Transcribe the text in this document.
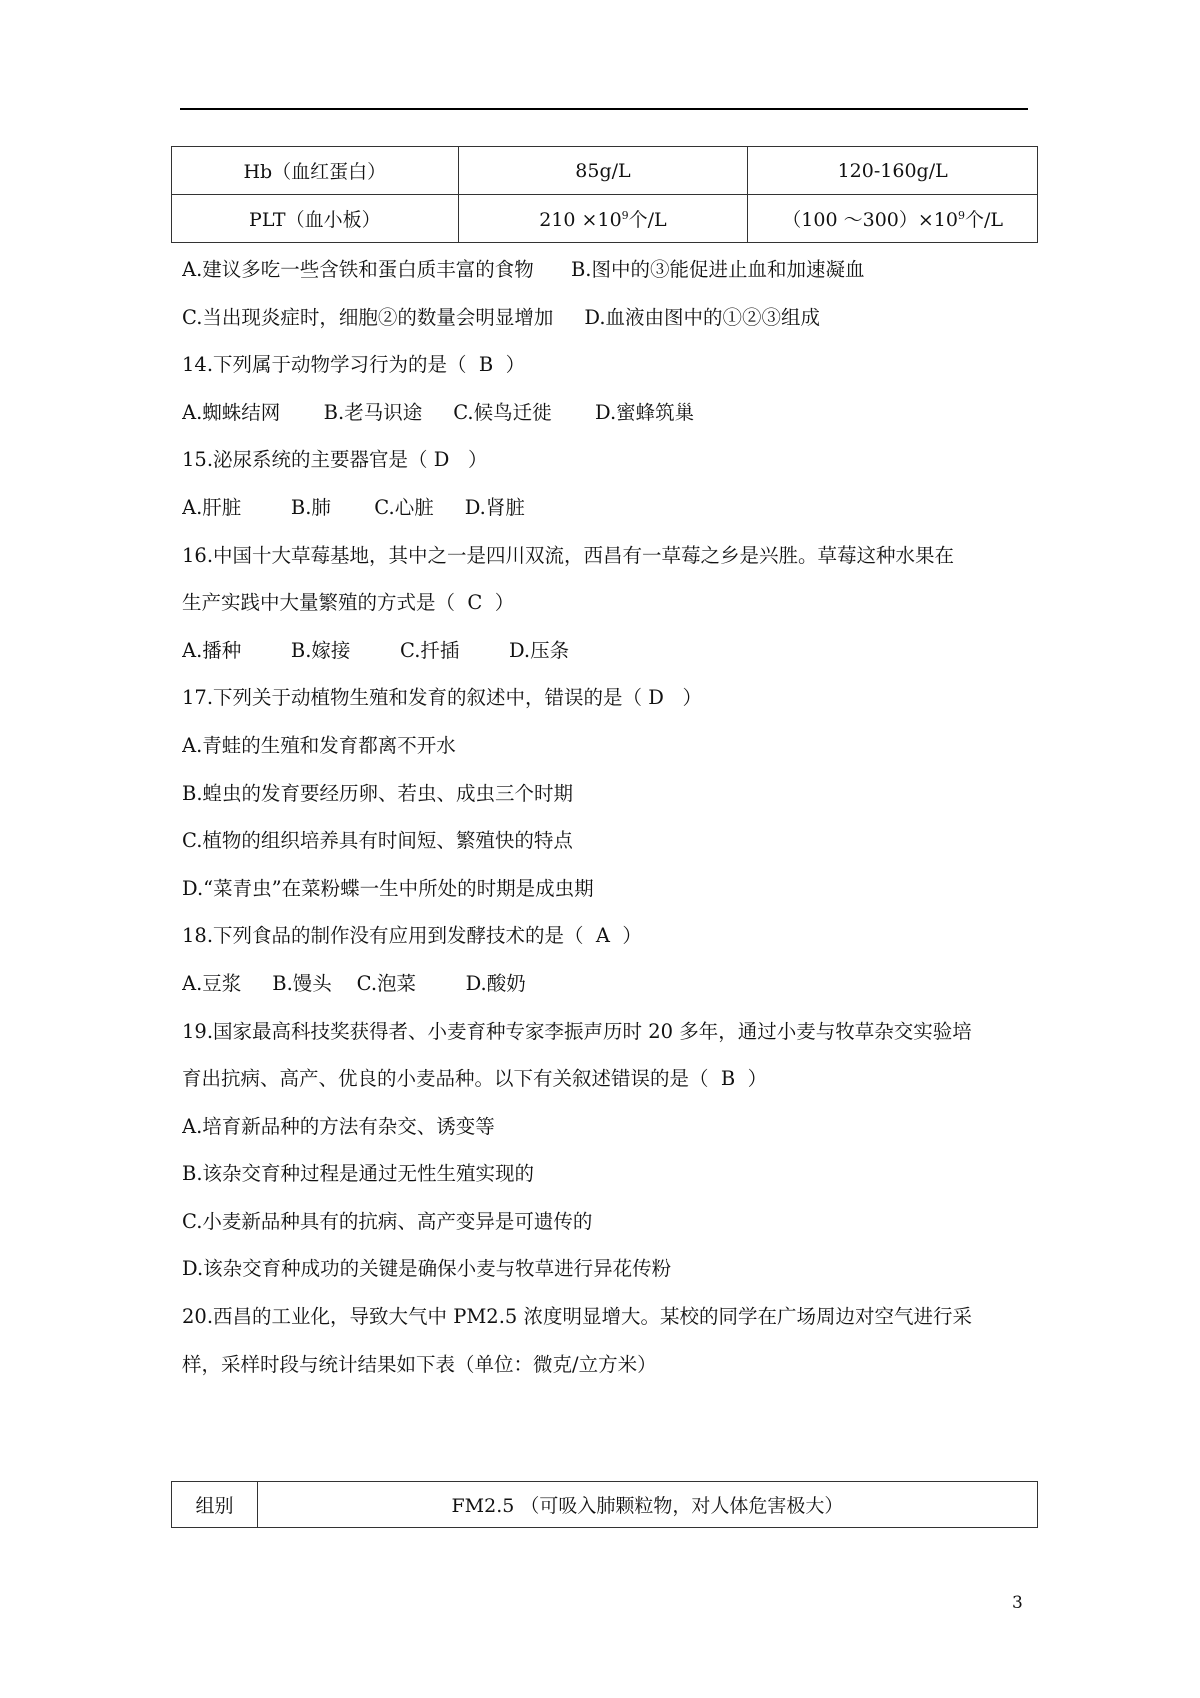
Hb（血红蛋白）	85g/L	120-160g/L
PLT（血小板）	$210 \times 10^9$个/L	（100 $\sim 300)\times 10^9$个/L
A.建议多吃一些含铁和蛋白质丰富的食物      B.图中的③能促进止血和加速凝血
C.当出现炎症时，细胞②的数量会明显增加     D.血液由图中的①②③组成
14.下列属于动物学习行为的是（  B  ）
A.蜘蛛结网       B.老马识途     C.候鸟迁徙       D.蜜蜂筑巢
15.泌尿系统的主要器官是（ D   ）
A.肝脏        B.肺       C.心脏     D.肾脏
16.中国十大草莓基地，其中之一是四川双流，西昌有一草莓之乡是兴胜。草莓这种水果在
生产实践中大量繁殖的方式是（  C  ）
A.播种        B.嫁接        C.扦插        D.压条
17.下列关于动植物生殖和发育的叙述中，错误的是（ D   ）
A.青蛙的生殖和发育都离不开水
B.蝗虫的发育要经历卵、若虫、成虫三个时期
C.植物的组织培养具有时间短、繁殖快的特点
D.“菜青虫”在菜粉蝶一生中所处的时期是成虫期
18.下列食品的制作没有应用到发酵技术的是（  A  ）
A.豆浆     B.馒头    C.泡菜        D.酸奶
19.国家最高科技奖获得者、小麦育种专家李振声历时 20 多年，通过小麦与牧草杂交实验培
育出抗病、高产、优良的小麦品种。以下有关叙述错误的是（  B  ）
A.培育新品种的方法有杂交、诱变等
B.该杂交育种过程是通过无性生殖实现的
C.小麦新品种具有的抗病、高产变异是可遗传的
D.该杂交育种成功的关键是确保小麦与牧草进行异花传粉
20.西昌的工业化，导致大气中 PM2.5 浓度明显增大。某校的同学在广场周边对空气进行采
样，采样时段与统计结果如下表（单位：微克/立方米）
组别	FM2.5 （可吸入肺颗粒物，对人体危害极大）
3
